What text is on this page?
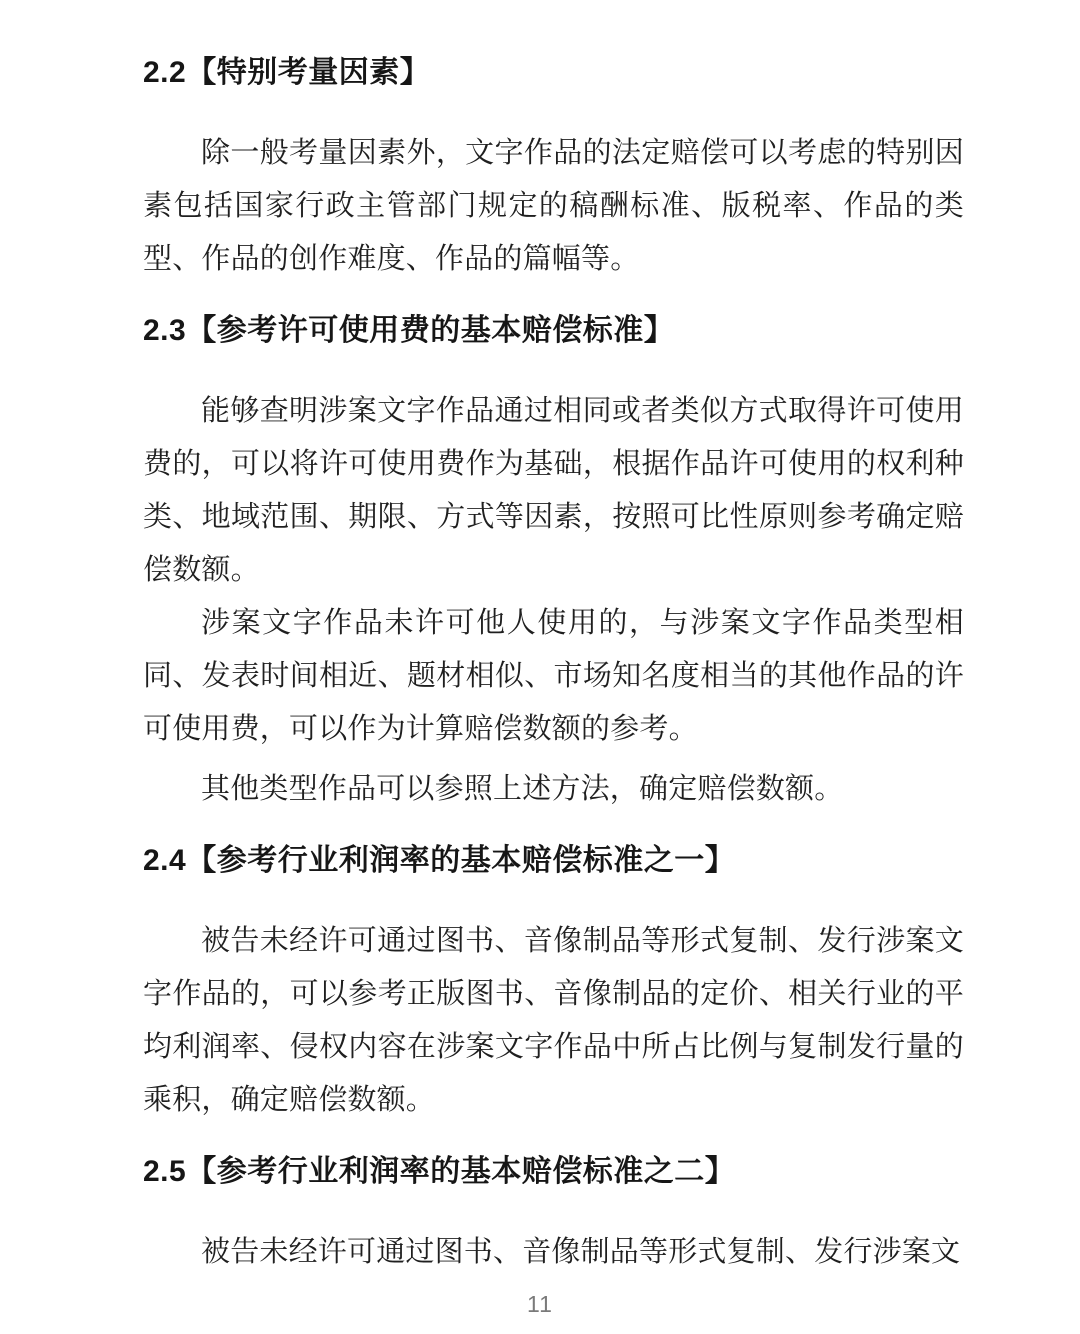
2.2【特别考量因素】

除一般考量因素外，文字作品的法定赔偿可以考虑的特别因素包括国家行政主管部门规定的稿酬标准、版税率、作品的类型、作品的创作难度、作品的篇幅等。

2.3【参考许可使用费的基本赔偿标准】

能够查明涉案文字作品通过相同或者类似方式取得许可使用费的，可以将许可使用费作为基础，根据作品许可使用的权利种类、地域范围、期限、方式等因素，按照可比性原则参考确定赔偿数额。

涉案文字作品未许可他人使用的，与涉案文字作品类型相同、发表时间相近、题材相似、市场知名度相当的其他作品的许可使用费，可以作为计算赔偿数额的参考。

其他类型作品可以参照上述方法，确定赔偿数额。

2.4【参考行业利润率的基本赔偿标准之一】

被告未经许可通过图书、音像制品等形式复制、发行涉案文字作品的，可以参考正版图书、音像制品的定价、相关行业的平均利润率、侵权内容在涉案文字作品中所占比例与复制发行量的乘积，确定赔偿数额。

2.5【参考行业利润率的基本赔偿标准之二】

被告未经许可通过图书、音像制品等形式复制、发行涉案文

11
